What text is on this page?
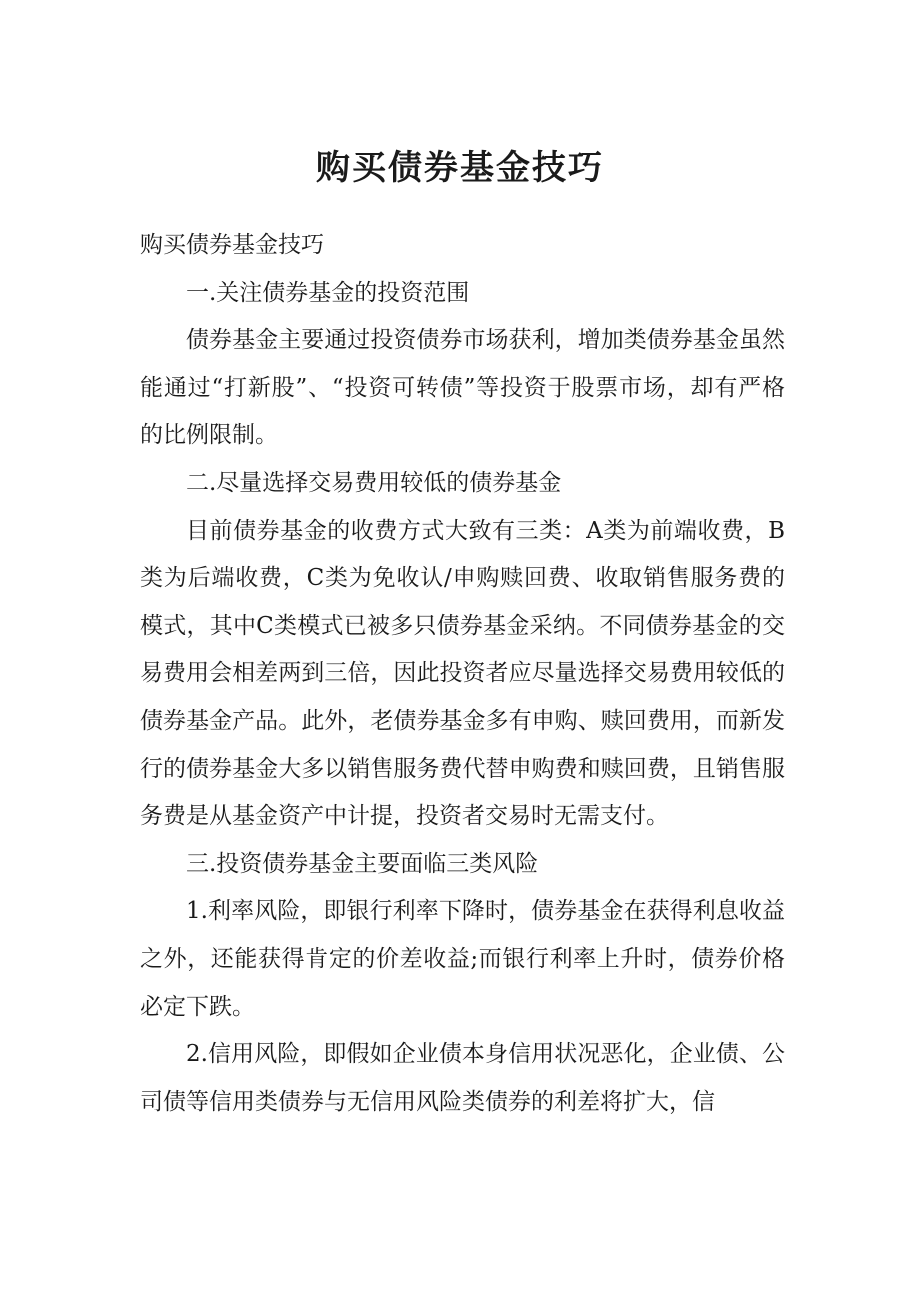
购买债券基金技巧

购买债券基金技巧

一.关注债券基金的投资范围

债券基金主要通过投资债券市场获利，增加类债券基金虽然能通过“打新股”、“投资可转债”等投资于股票市场，却有严格的比例限制。

二.尽量选择交易费用较低的债券基金

目前债券基金的收费方式大致有三类：A类为前端收费，B类为后端收费，C类为免收认/申购赎回费、收取销售服务费的模式，其中C类模式已被多只债券基金采纳。不同债券基金的交易费用会相差两到三倍，因此投资者应尽量选择交易费用较低的债券基金产品。此外，老债券基金多有申购、赎回费用，而新发行的债券基金大多以销售服务费代替申购费和赎回费，且销售服务费是从基金资产中计提，投资者交易时无需支付。

三.投资债券基金主要面临三类风险

1.利率风险，即银行利率下降时，债券基金在获得利息收益之外，还能获得肯定的价差收益;而银行利率上升时，债券价格必定下跌。

2.信用风险，即假如企业债本身信用状况恶化，企业债、公司债等信用类债券与无信用风险类债券的利差将扩大，信
